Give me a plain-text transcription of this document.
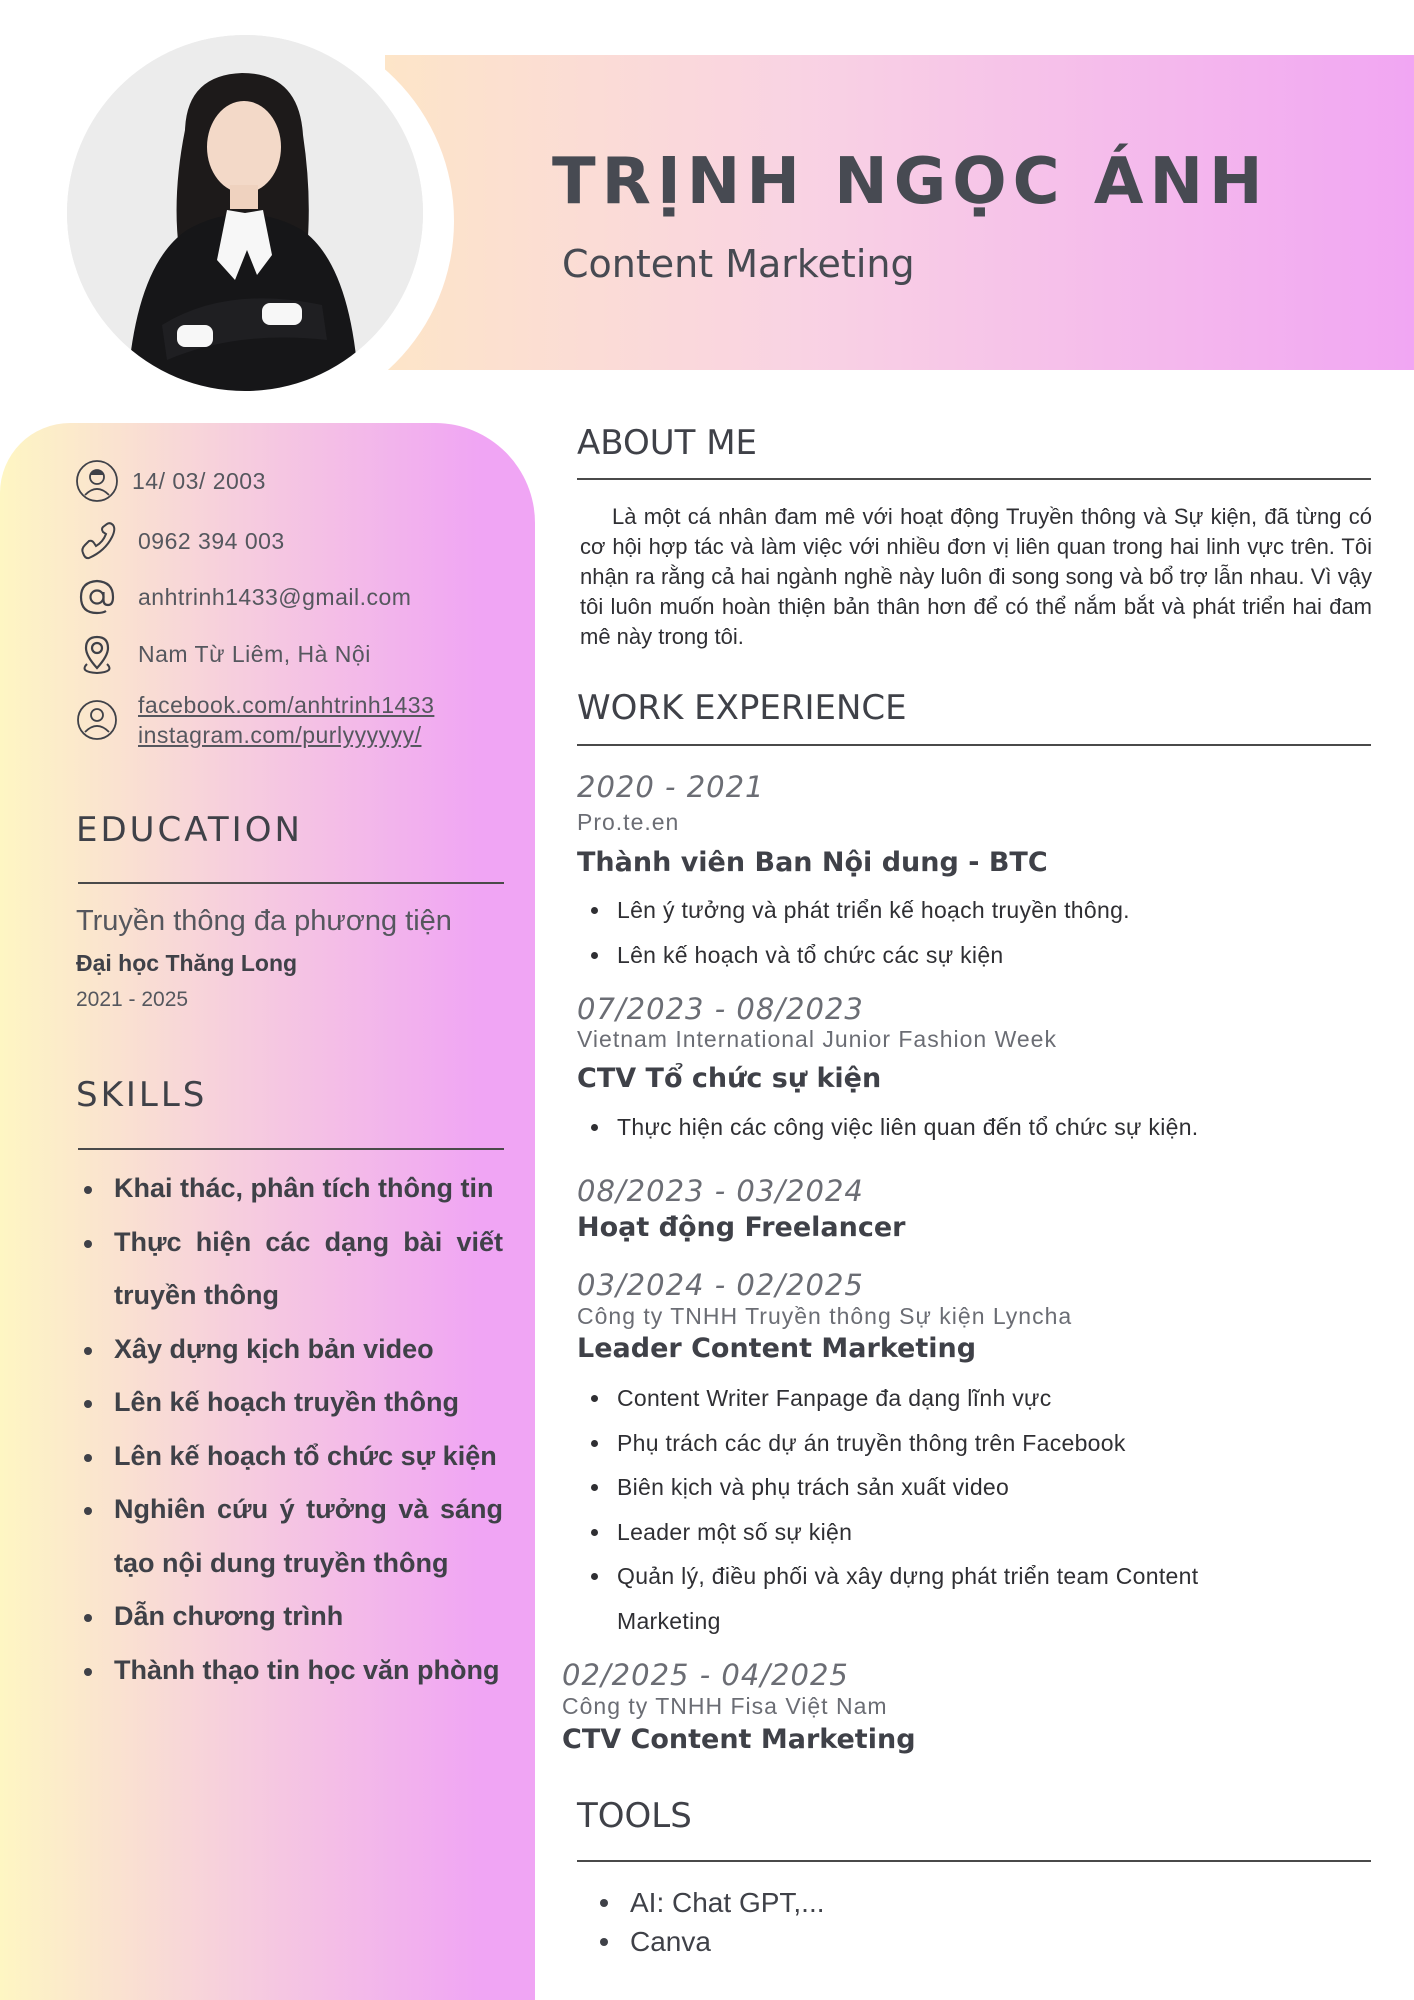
TRỊNH NGỌC ÁNH
Content Marketing
14/ 03/ 2003
0962 394 003
anhtrinh1433@gmail.com
Nam Từ Liêm, Hà Nội
facebook.com/anhtrinh1433
instagram.com/purlyyyyyy/
EDUCATION
Truyền thông đa phương tiện
Đại học Thăng Long
2021 - 2025
SKILLS
Khai thác, phân tích thông tin
Thực hiện các dạng bài viết truyền thông
Xây dựng kịch bản video
Lên kế hoạch truyền thông
Lên kế hoạch tổ chức sự kiện
Nghiên cứu ý tưởng và sáng tạo nội dung truyền thông
Dẫn chương trình
Thành thạo tin học văn phòng
ABOUT ME
Là một cá nhân đam mê với hoạt động Truyền thông và Sự kiện, đã từng có cơ hội hợp tác và làm việc với nhiều đơn vị liên quan trong hai linh vực trên. Tôi nhận ra rằng cả hai ngành nghề này luôn đi song song và bổ trợ lẫn nhau. Vì vậy tôi luôn muốn hoàn thiện bản thân hơn để có thể nắm bắt và phát triển hai đam mê này trong tôi.
WORK EXPERIENCE
2020 - 2021
Pro.te.en
Thành viên Ban Nội dung - BTC
Lên ý tưởng và phát triển kế hoạch truyền thông.
Lên kế hoạch và tổ chức các sự kiện
07/2023 - 08/2023
Vietnam International Junior Fashion Week
CTV Tổ chức sự kiện
Thực hiện các công việc liên quan đến tổ chức sự kiện.
08/2023 - 03/2024
Hoạt động Freelancer
03/2024 - 02/2025
Công ty TNHH Truyền thông Sự kiện Lyncha
Leader Content Marketing
Content Writer Fanpage đa dạng lĩnh vực
Phụ trách các dự án truyền thông trên Facebook
Biên kịch và phụ trách sản xuất video
Leader một số sự kiện
Quản lý, điều phối và xây dựng phát triển team Content
Marketing
02/2025 - 04/2025
Công ty TNHH Fisa Việt Nam
CTV Content Marketing
TOOLS
AI: Chat GPT,...
Canva
